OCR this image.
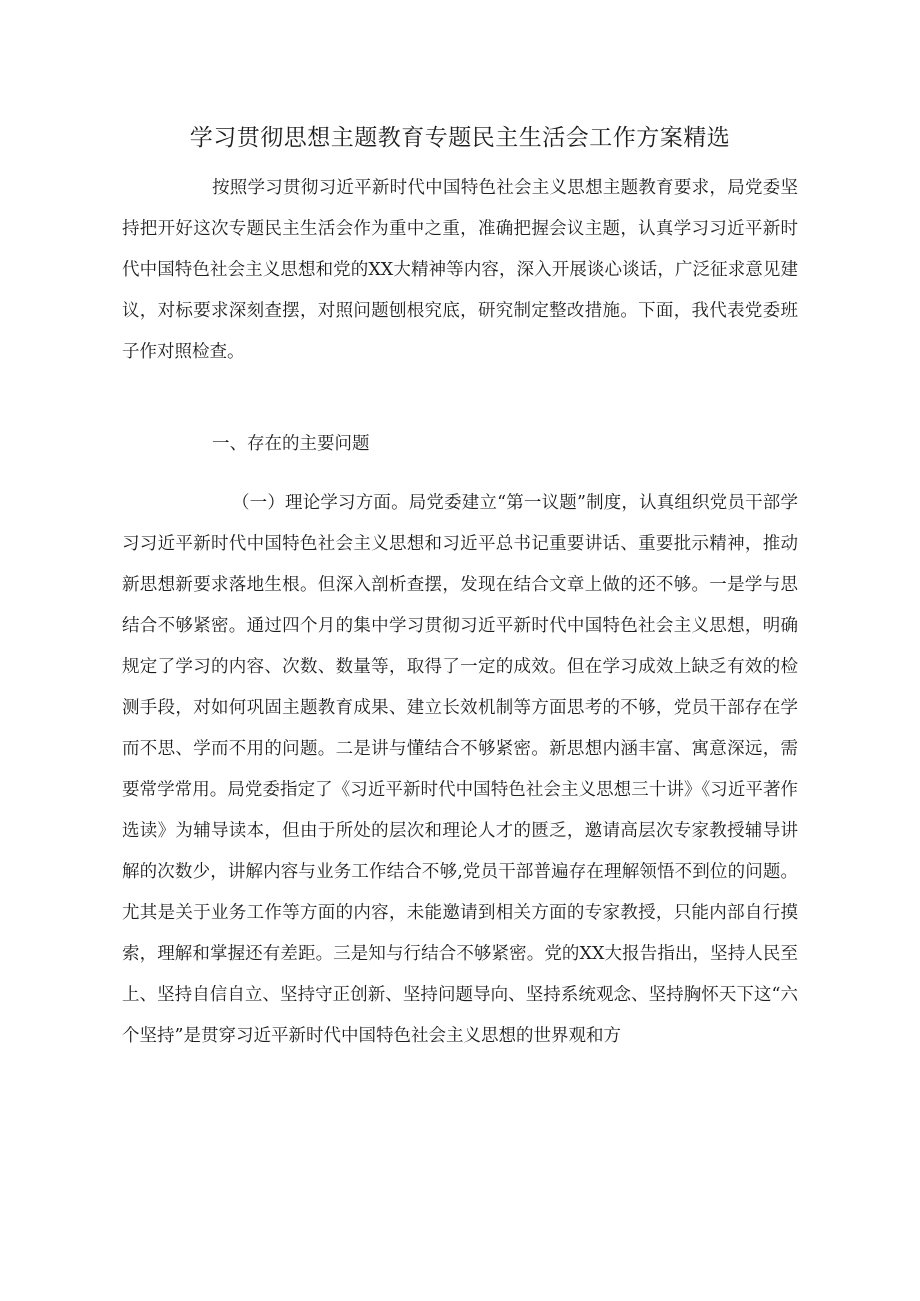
学习贯彻思想主题教育专题民主生活会工作方案精选

按照学习贯彻习近平新时代中国特色社会主义思想主题教育要求，局党委坚持把开好这次专题民主生活会作为重中之重，准确把握会议主题，认真学习习近平新时代中国特色社会主义思想和党的XX大精神等内容，深入开展谈心谈话，广泛征求意见建议，对标要求深刻查摆，对照问题刨根究底，研究制定整改措施。下面，我代表党委班子作对照检查。

一、存在的主要问题

（一）理论学习方面。局党委建立“第一议题”制度，认真组织党员干部学习习近平新时代中国特色社会主义思想和习近平总书记重要讲话、重要批示精神，推动新思想新要求落地生根。但深入剖析查摆，发现在结合文章上做的还不够。一是学与思结合不够紧密。通过四个月的集中学习贯彻习近平新时代中国特色社会主义思想，明确规定了学习的内容、次数、数量等，取得了一定的成效。但在学习成效上缺乏有效的检测手段，对如何巩固主题教育成果、建立长效机制等方面思考的不够，党员干部存在学而不思、学而不用的问题。二是讲与懂结合不够紧密。新思想内涵丰富、寓意深远，需要常学常用。局党委指定了《习近平新时代中国特色社会主义思想三十讲》《习近平著作选读》为辅导读本，但由于所处的层次和理论人才的匮乏，邀请高层次专家教授辅导讲解的次数少，讲解内容与业务工作结合不够,党员干部普遍存在理解领悟不到位的问题。尤其是关于业务工作等方面的内容，未能邀请到相关方面的专家教授，只能内部自行摸索，理解和掌握还有差距。三是知与行结合不够紧密。党的XX大报告指出，坚持人民至上、坚持自信自立、坚持守正创新、坚持问题导向、坚持系统观念、坚持胸怀天下这“六个坚持”是贯穿习近平新时代中国特色社会主义思想的世界观和方
